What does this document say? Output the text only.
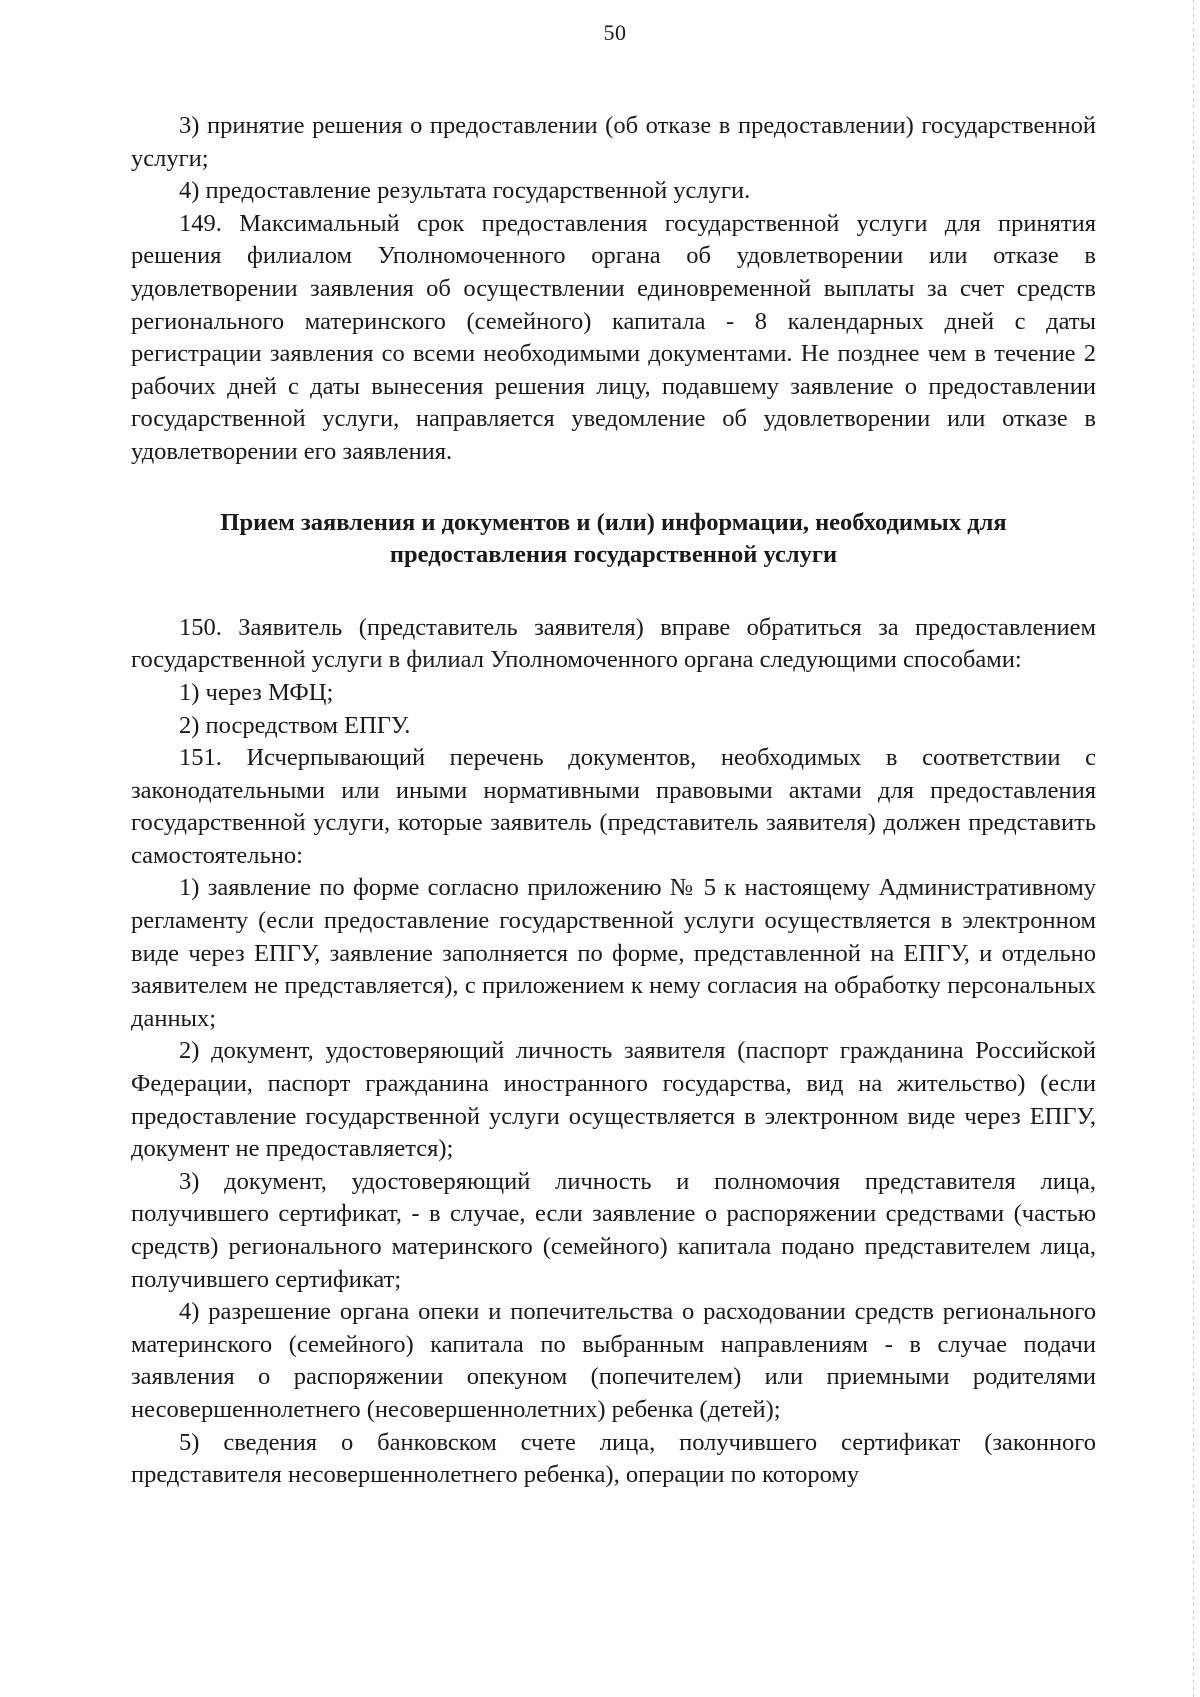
50

3) принятие решения о предоставлении (об отказе в предоставлении) государственной услуги;

4) предоставление результата государственной услуги.

149. Максимальный срок предоставления государственной услуги для принятия решения филиалом Уполномоченного органа об удовлетворении или отказе в удовлетворении заявления об осуществлении единовременной выплаты за счет средств регионального материнского (семейного) капитала - 8 календарных дней с даты регистрации заявления со всеми необходимыми документами. Не позднее чем в течение 2 рабочих дней с даты вынесения решения лицу, подавшему заявление о предоставлении государственной услуги, направляется уведомление об удовлетворении или отказе в удовлетворении его заявления.

Прием заявления и документов и (или) информации, необходимых для предоставления государственной услуги

150. Заявитель (представитель заявителя) вправе обратиться за предоставлением государственной услуги в филиал Уполномоченного органа следующими способами:

1) через МФЦ;

2) посредством ЕПГУ.

151. Исчерпывающий перечень документов, необходимых в соответствии с законодательными или иными нормативными правовыми актами для предоставления государственной услуги, которые заявитель (представитель заявителя) должен представить самостоятельно:

1) заявление по форме согласно приложению № 5 к настоящему Административному регламенту (если предоставление государственной услуги осуществляется в электронном виде через ЕПГУ, заявление заполняется по форме, представленной на ЕПГУ, и отдельно заявителем не представляется), с приложением к нему согласия на обработку персональных данных;

2) документ, удостоверяющий личность заявителя (паспорт гражданина Российской Федерации, паспорт гражданина иностранного государства, вид на жительство) (если предоставление государственной услуги осуществляется в электронном виде через ЕПГУ, документ не предоставляется);

3) документ, удостоверяющий личность и полномочия представителя лица, получившего сертификат, - в случае, если заявление о распоряжении средствами (частью средств) регионального материнского (семейного) капитала подано представителем лица, получившего сертификат;

4) разрешение органа опеки и попечительства о расходовании средств регионального материнского (семейного) капитала по выбранным направлениям - в случае подачи заявления о распоряжении опекуном (попечителем) или приемными родителями несовершеннолетнего (несовершеннолетних) ребенка (детей);

5) сведения о банковском счете лица, получившего сертификат (законного представителя несовершеннолетнего ребенка), операции по которому
